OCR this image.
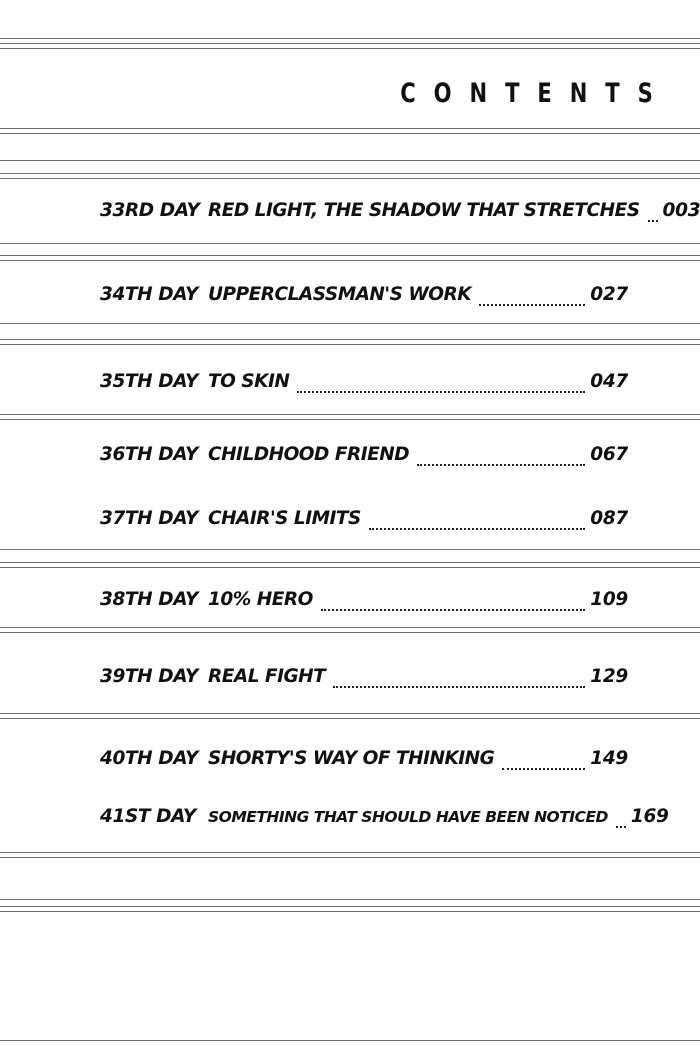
CONTENTS
33RD DAY RED LIGHT, THE SHADOW THAT STRETCHES 003
34TH DAY UPPERCLASSMAN'S WORK	027
35TH DAY TO SKIN	047
36TH DAY CHILDHOOD FRIEND	067
37TH DAY CHAIR'S LIMITS	087
38TH DAY 10% HERO	109
39TH DAY REAL FIGHT	129
40TH DAY SHORTY'S WAY OF THINKING	149
41ST DAY SOMETHING THAT SHOULD HAVE BEEN NOTICED 169
